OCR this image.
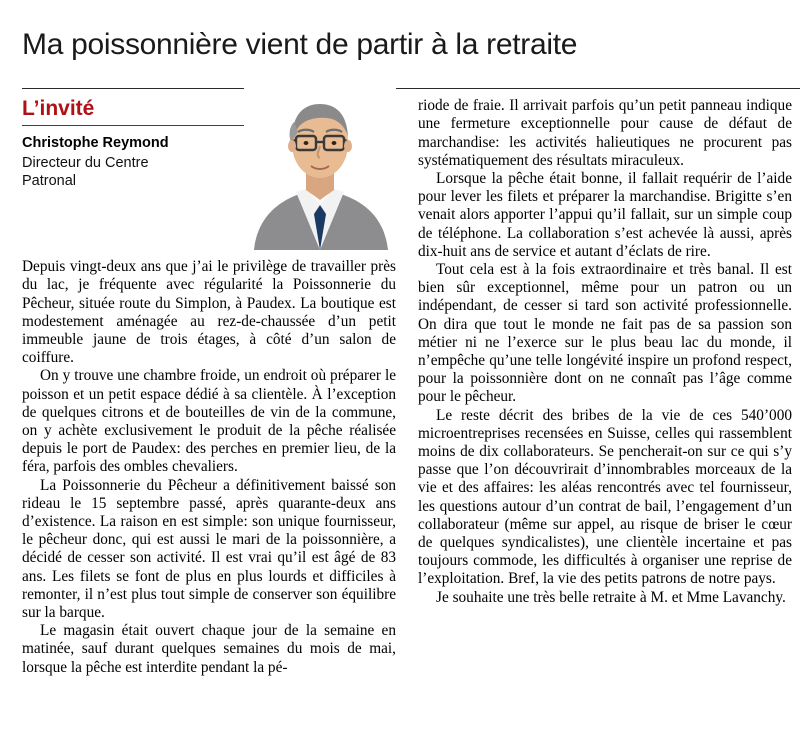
Ma poissonnière vient de partir à la retraite
L’invité
Christophe Reymond
Directeur du Centre
Patronal

Depuis vingt-deux ans que j’ai le privilège de travailler près du lac, je fréquente avec régularité la Poissonnerie du Pêcheur, située route du Simplon, à Paudex. La boutique est modestement aménagée au rez-de-chaussée d’un petit immeuble jaune de trois étages, à côté d’un salon de coiffure.

On y trouve une chambre froide, un endroit où préparer le poisson et un petit espace dédié à sa clientèle. À l’exception de quelques citrons et de bouteilles de vin de la commune, on y achète exclusivement le produit de la pêche réalisée depuis le port de Paudex: des perches en premier lieu, de la féra, parfois des ombles chevaliers.

La Poissonnerie du Pêcheur a définitivement baissé son rideau le 15 septembre passé, après quarante-deux ans d’existence. La raison en est simple: son unique fournisseur, le pêcheur donc, qui est aussi le mari de la poissonnière, a décidé de cesser son activité. Il est vrai qu’il est âgé de 83 ans. Les filets se font de plus en plus lourds et difficiles à remonter, il n’est plus tout simple de conserver son équilibre sur la barque.

Le magasin était ouvert chaque jour de la semaine en matinée, sauf durant quelques semaines du mois de mai, lorsque la pêche est interdite pendant la pé-

riode de fraie. Il arrivait parfois qu’un petit panneau indique une fermeture exceptionnelle pour cause de défaut de marchandise: les activités halieutiques ne procurent pas systématiquement des résultats miraculeux.

Lorsque la pêche était bonne, il fallait requérir de l’aide pour lever les filets et préparer la marchandise. Brigitte s’en venait alors apporter l’appui qu’il fallait, sur un simple coup de téléphone. La collaboration s’est achevée là aussi, après dix-huit ans de service et autant d’éclats de rire.

Tout cela est à la fois extraordinaire et très banal. Il est bien sûr exceptionnel, même pour un patron ou un indépendant, de cesser si tard son activité professionnelle. On dira que tout le monde ne fait pas de sa passion son métier ni ne l’exerce sur le plus beau lac du monde, il n’empêche qu’une telle longévité inspire un profond respect, pour la poissonnière dont on ne connaît pas l’âge comme pour le pêcheur.

Le reste décrit des bribes de la vie de ces 540’000 microentreprises recensées en Suisse, celles qui rassemblent moins de dix collaborateurs. Se pencherait-on sur ce qui s’y passe que l’on découvrirait d’innombrables morceaux de la vie et des affaires: les aléas rencontrés avec tel fournisseur, les questions autour d’un contrat de bail, l’engagement d’un collaborateur (même sur appel, au risque de briser le cœur de quelques syndicalistes), une clientèle incertaine et pas toujours commode, les difficultés à organiser une reprise de l’exploitation. Bref, la vie des petits patrons de notre pays.

Je souhaite une très belle retraite à M. et Mme Lavanchy.
